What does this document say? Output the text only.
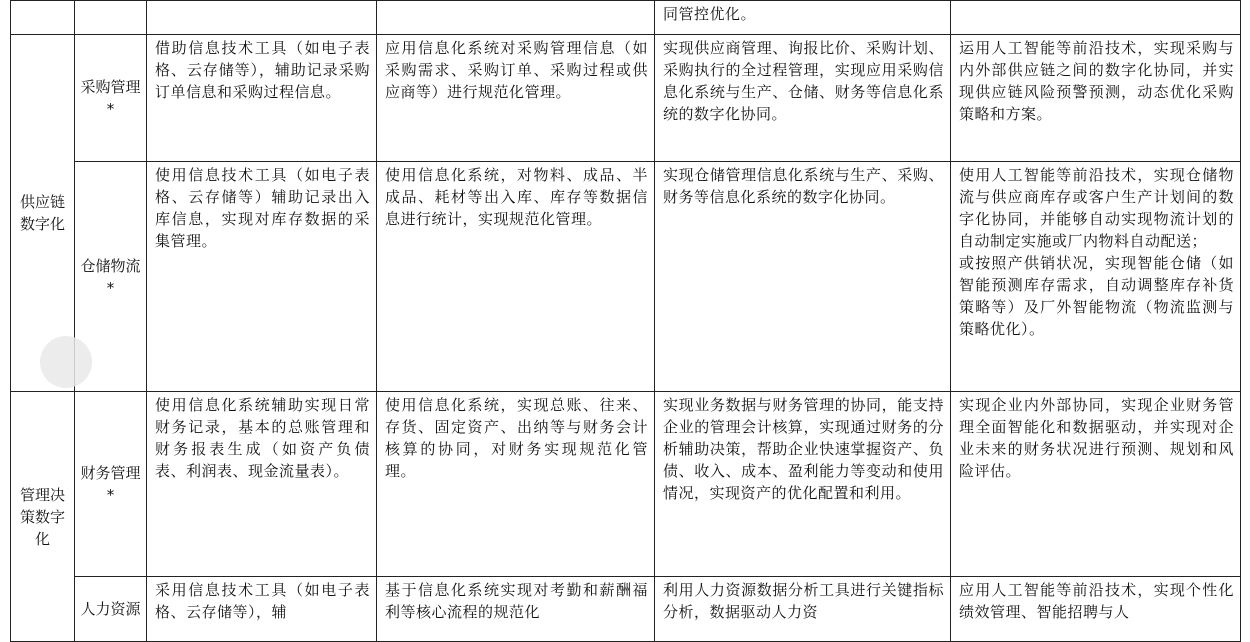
				同管控优化。	
供应链数字化	采购管理*	借助信息技术工具（如电子表格、云存储等），辅助记录采购订单信息和采购过程信息。	应用信息化系统对采购管理信息（如采购需求、采购订单、采购过程或供应商等）进行规范化管理。	实现供应商管理、询报比价、采购计划、采购执行的全过程管理，实现应用采购信息化系统与生产、仓储、财务等信息化系统的数字化协同。	运用人工智能等前沿技术，实现采购与内外部供应链之间的数字化协同，并实现供应链风险预警预测，动态优化采购策略和方案。
	仓储物流*	使用信息技术工具（如电子表格、云存储等）辅助记录出入库信息，实现对库存数据的采集管理。	使用信息化系统，对物料、成品、半成品、耗材等出入库、库存等数据信息进行统计，实现规范化管理。	实现仓储管理信息化系统与生产、采购、财务等信息化系统的数字化协同。	使用人工智能等前沿技术，实现仓储物流与供应商库存或客户生产计划间的数字化协同，并能够自动实现物流计划的自动制定实施或厂内物料自动配送；
或按照产供销状况，实现智能仓储（如智能预测库存需求，自动调整库存补货策略等）及厂外智能物流（物流监测与策略优化）。

管理决策数字化	财务管理*	使用信息化系统辅助实现日常财务记录，基本的总账管理和财务报表生成（如资产负债表、利润表、现金流量表）。	使用信息化系统，实现总账、往来、存货、固定资产、出纳等与财务会计核算的协同，对财务实现规范化管理。	实现业务数据与财务管理的协同，能支持企业的管理会计核算，实现通过财务的分析辅助决策，帮助企业快速掌握资产、负债、收入、成本、盈利能力等变动和使用情况，实现资产的优化配置和利用。	实现企业内外部协同，实现企业财务管理全面智能化和数据驱动，并实现对企业未来的财务状况进行预测、规划和风险评估。
	人力资源	采用信息技术工具（如电子表格、云存储等），辅	基于信息化系统实现对考勤和薪酬福利等核心流程的规范化	利用人力资源数据分析工具进行关键指标分析，数据驱动人力资	应用人工智能等前沿技术，实现个性化绩效管理、智能招聘与人
